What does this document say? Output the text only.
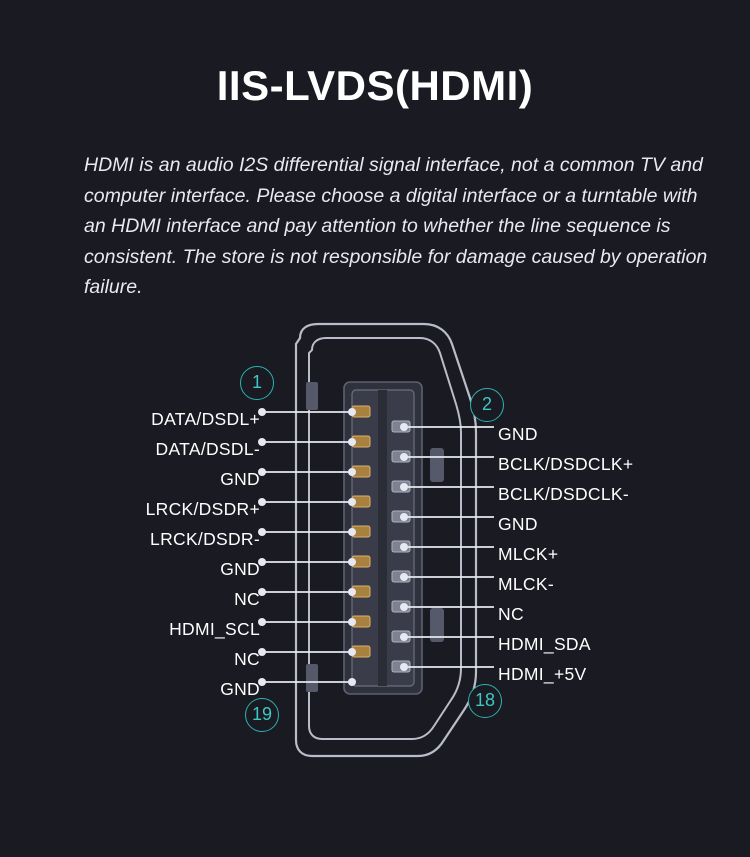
IIS-LVDS(HDMI)
HDMI is an audio I2S differential signal interface, not a common TV and computer interface. Please choose a digital interface or a turntable with an HDMI interface and pay attention to whether the line sequence is consistent. The store is not responsible for damage caused by operation failure.
DATA/DSDL+
DATA/DSDL-
GND
LRCK/DSDR+
LRCK/DSDR-
GND
NC
HDMI_SCL
NC
GND
GND
BCLK/DSDCLK+
BCLK/DSDCLK-
GND
MLCK+
MLCK-
NC
HDMI_SDA
HDMI_+5V
1
2
19
18
